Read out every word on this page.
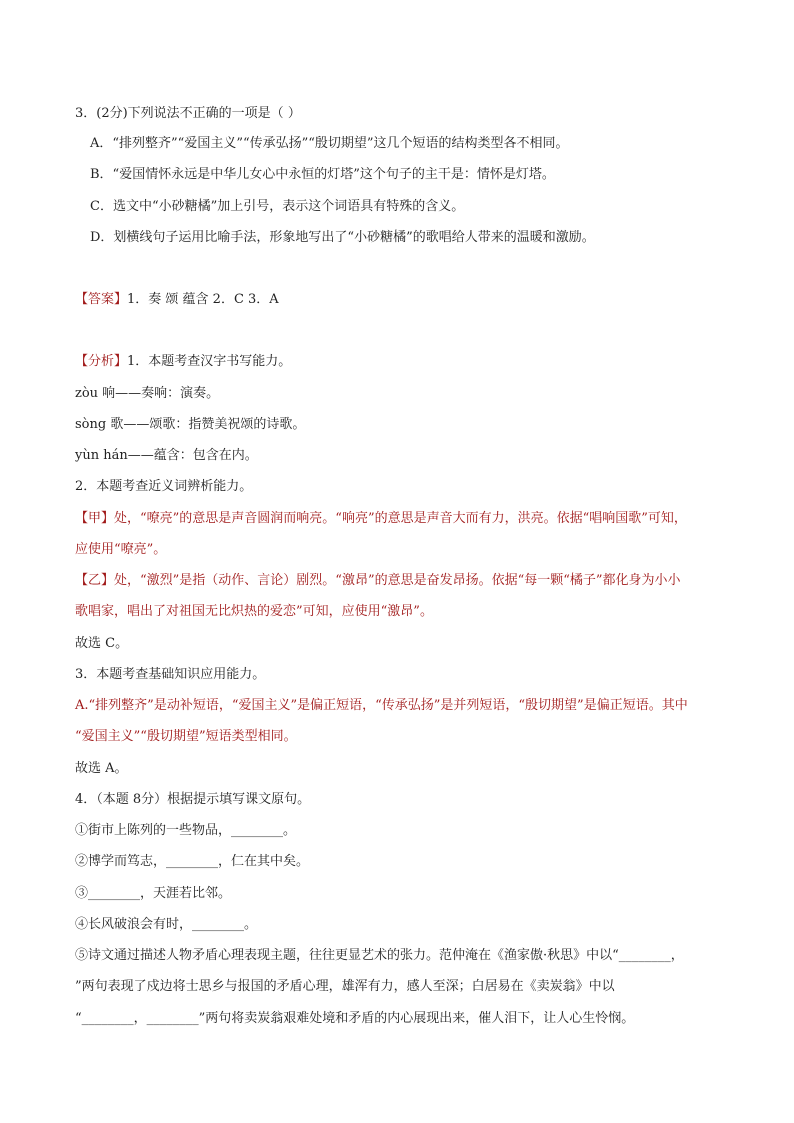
3．(2分)下列说法不正确的一项是（ ）
A．“排列整齐”“爱国主义”“传承弘扬”“殷切期望”这几个短语的结构类型各不相同。
B．“爱国情怀永远是中华儿女心中永恒的灯塔”这个句子的主干是：情怀是灯塔。
C．选文中“小砂糖橘”加上引号，表示这个词语具有特殊的含义。
D．划横线句子运用比喻手法，形象地写出了“小砂糖橘”的歌唱给人带来的温暖和激励。
【答案】1．奏 颂 蕴含 2．C 3．A
【分析】1．本题考查汉字书写能力。
zòu 响——奏响：演奏。
sòng 歌——颂歌：指赞美祝颂的诗歌。
yùn hán——蕴含：包含在内。
2．本题考查近义词辨析能力。
【甲】处，“嘹亮”的意思是声音圆润而响亮。“响亮”的意思是声音大而有力，洪亮。依据“唱响国歌”可知，
应使用“嘹亮”。
【乙】处，“激烈”是指（动作、言论）剧烈。“激昂”的意思是奋发昂扬。依据“每一颗“橘子”都化身为小小
歌唱家，唱出了对祖国无比炽热的爱恋”可知，应使用“激昂”。
故选 C。
3．本题考查基础知识应用能力。
A.“排列整齐”是动补短语，“爱国主义”是偏正短语，“传承弘扬”是并列短语，“殷切期望”是偏正短语。其中
“爱国主义”“殷切期望”短语类型相同。
故选 A。
4．（本题 8分）根据提示填写课文原句。
①街市上陈列的一些物品，________。
②博学而笃志，________，仁在其中矣。
③________，天涯若比邻。
④长风破浪会有时，________。
⑤诗文通过描述人物矛盾心理表现主题，往往更显艺术的张力。范仲淹在《渔家傲·秋思》中以“________，
”两句表现了戍边将士思乡与报国的矛盾心理，雄浑有力，感人至深；白居易在《卖炭翁》中以
“________，________”两句将卖炭翁艰难处境和矛盾的内心展现出来，催人泪下，让人心生怜悯。
